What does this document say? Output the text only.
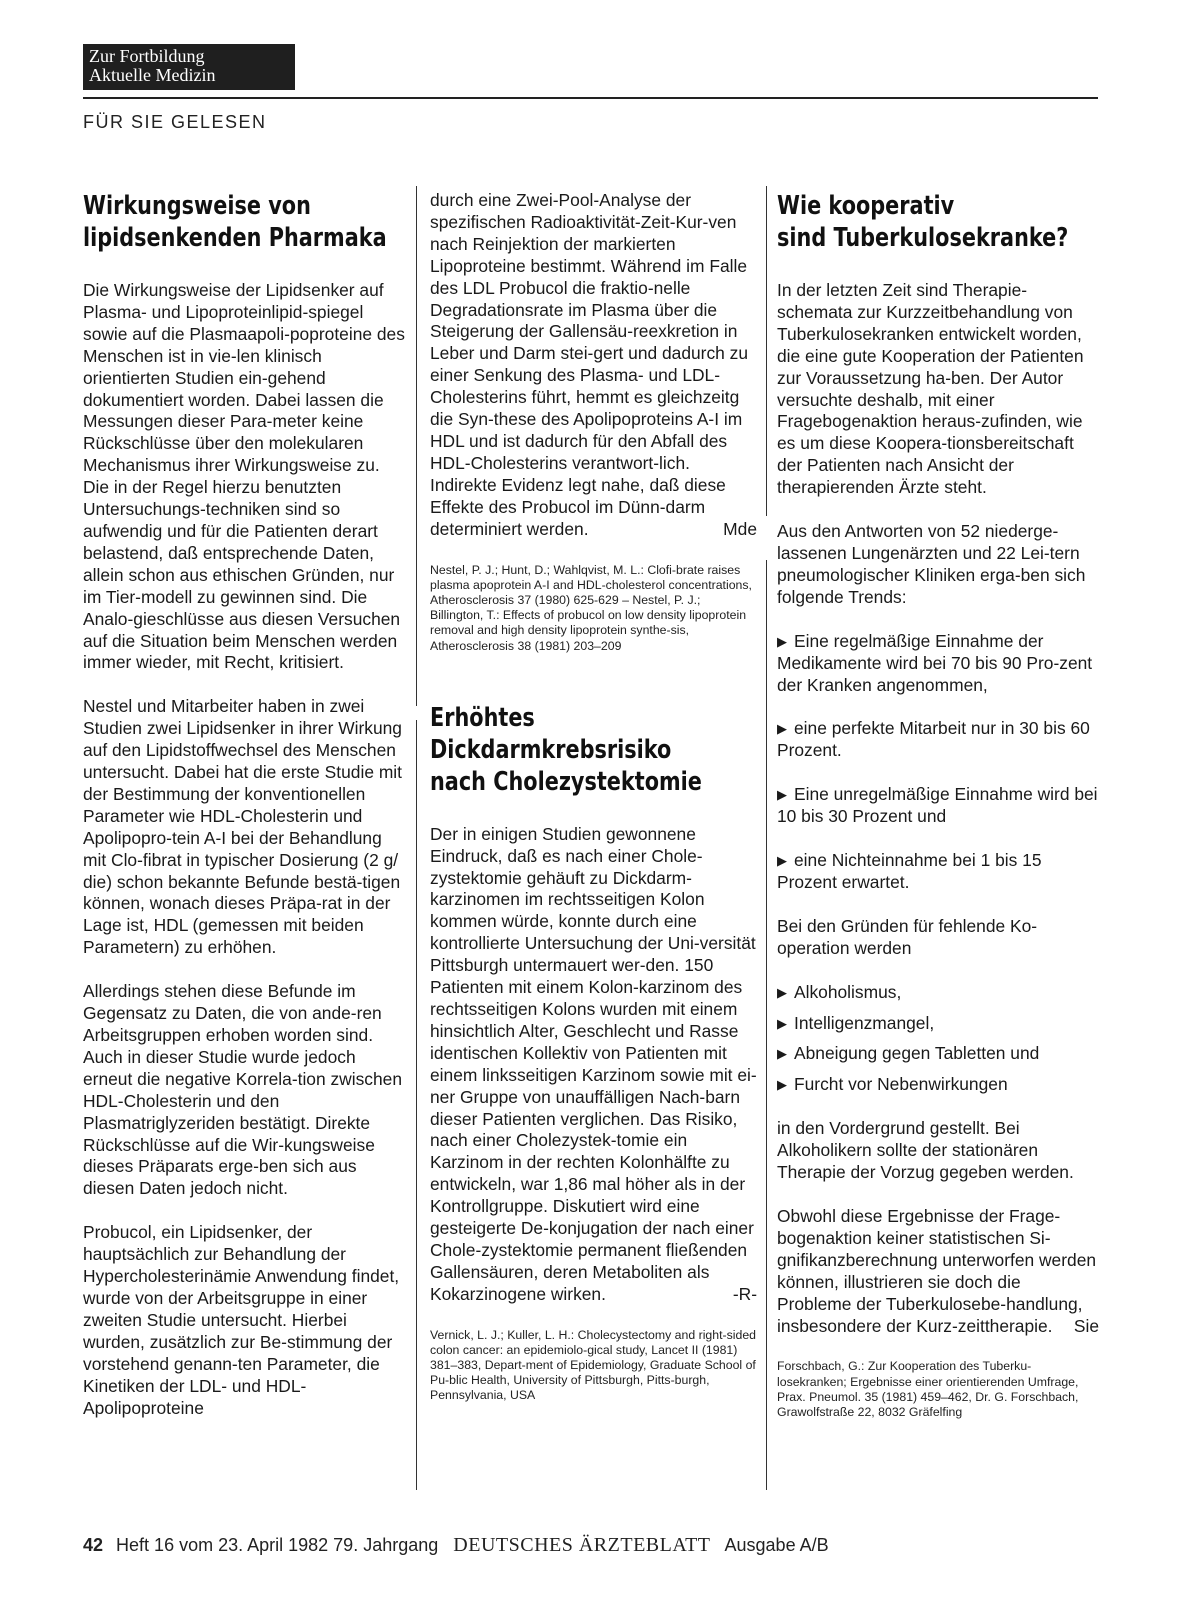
Zur Fortbildung
Aktuelle Medizin
FÜR SIE GELESEN
Wirkungsweise von
lipidsenkenden Pharmaka

Die Wirkungsweise der Lipidsenker auf Plasma- und Lipoproteinlipid-spiegel sowie auf die Plasmaapoli-poproteine des Menschen ist in vie-len klinisch orientierten Studien ein-gehend dokumentiert worden. Dabei lassen die Messungen dieser Para-meter keine Rückschlüsse über den molekularen Mechanismus ihrer Wirkungsweise zu. Die in der Regel hierzu benutzten Untersuchungs-techniken sind so aufwendig und für die Patienten derart belastend, daß entsprechende Daten, allein schon aus ethischen Gründen, nur im Tier-modell zu gewinnen sind. Die Analo-gieschlüsse aus diesen Versuchen auf die Situation beim Menschen werden immer wieder, mit Recht, kritisiert.

Nestel und Mitarbeiter haben in zwei Studien zwei Lipidsenker in ihrer Wirkung auf den Lipidstoffwechsel des Menschen untersucht. Dabei hat die erste Studie mit der Bestimmung der konventionellen Parameter wie HDL-Cholesterin und Apolipopro-tein A-I bei der Behandlung mit Clo-fibrat in typischer Dosierung (2 g/ die) schon bekannte Befunde bestä-tigen können, wonach dieses Präpa-rat in der Lage ist, HDL (gemessen mit beiden Parametern) zu erhöhen.

Allerdings stehen diese Befunde im Gegensatz zu Daten, die von ande-ren Arbeitsgruppen erhoben worden sind. Auch in dieser Studie wurde jedoch erneut die negative Korrela-tion zwischen HDL-Cholesterin und den Plasmatriglyzeriden bestätigt. Direkte Rückschlüsse auf die Wir-kungsweise dieses Präparats erge-ben sich aus diesen Daten jedoch nicht.

Probucol, ein Lipidsenker, der hauptsächlich zur Behandlung der Hypercholesterinämie Anwendung findet, wurde von der Arbeitsgruppe in einer zweiten Studie untersucht. Hierbei wurden, zusätzlich zur Be-stimmung der vorstehend genann-ten Parameter, die Kinetiken der LDL- und HDL-Apolipoproteine

durch eine Zwei-Pool-Analyse der spezifischen Radioaktivität-Zeit-Kur-ven nach Reinjektion der markierten Lipoproteine bestimmt. Während im Falle des LDL Probucol die fraktio-nelle Degradationsrate im Plasma über die Steigerung der Gallensäu-reexkretion in Leber und Darm stei-gert und dadurch zu einer Senkung des Plasma- und LDL-Cholesterins führt, hemmt es gleichzeitg die Syn-these des Apolipoproteins A-I im HDL und ist dadurch für den Abfall des HDL-Cholesterins verantwort-lich. Indirekte Evidenz legt nahe, daß diese Effekte des Probucol im Dünn-darm determiniert werden.	Mde

Nestel, P. J.; Hunt, D.; Wahlqvist, M. L.: Clofi-brate raises plasma apoprotein A-I and HDL-cholesterol concentrations, Atherosclerosis 37 (1980) 625-629 – Nestel, P. J.; Billington, T.: Effects of probucol on low density lipoprotein removal and high density lipoprotein synthe-sis, Atherosclerosis 38 (1981) 203–209

Erhöhtes
Dickdarmkrebsrisiko
nach Cholezystektomie

Der in einigen Studien gewonnene Eindruck, daß es nach einer Chole-zystektomie gehäuft zu Dickdarm-karzinomen im rechtsseitigen Kolon kommen würde, konnte durch eine kontrollierte Untersuchung der Uni-versität Pittsburgh untermauert wer-den. 150 Patienten mit einem Kolon-karzinom des rechtsseitigen Kolons wurden mit einem hinsichtlich Alter, Geschlecht und Rasse identischen Kollektiv von Patienten mit einem linksseitigen Karzinom sowie mit ei-ner Gruppe von unauffälligen Nach-barn dieser Patienten verglichen. Das Risiko, nach einer Cholezystek-tomie ein Karzinom in der rechten Kolonhälfte zu entwickeln, war 1,86 mal höher als in der Kontrollgruppe. Diskutiert wird eine gesteigerte De-konjugation der nach einer Chole-zystektomie permanent fließenden Gallensäuren, deren Metaboliten als Kokarzinogene wirken.	-R-

Vernick, L. J.; Kuller, L. H.: Cholecystectomy and right-sided colon cancer: an epidemiolo-gical study, Lancet II (1981) 381–383, Depart-ment of Epidemiology, Graduate School of Pu-blic Health, University of Pittsburgh, Pitts-burgh, Pennsylvania, USA

Wie kooperativ
sind Tuberkulosekranke?

In der letzten Zeit sind Therapie-schemata zur Kurzzeitbehandlung von Tuberkulosekranken entwickelt worden, die eine gute Kooperation der Patienten zur Voraussetzung ha-ben. Der Autor versuchte deshalb, mit einer Fragebogenaktion heraus-zufinden, wie es um diese Koopera-tionsbereitschaft der Patienten nach Ansicht der therapierenden Ärzte steht.

Aus den Antworten von 52 niederge-lassenen Lungenärzten und 22 Lei-tern pneumologischer Kliniken erga-ben sich folgende Trends:

▶ Eine regelmäßige Einnahme der Medikamente wird bei 70 bis 90 Pro-zent der Kranken angenommen,

▶ eine perfekte Mitarbeit nur in 30 bis 60 Prozent.

▶ Eine unregelmäßige Einnahme wird bei 10 bis 30 Prozent und

▶ eine Nichteinnahme bei 1 bis 15 Prozent erwartet.

Bei den Gründen für fehlende Ko-operation werden

▶ Alkoholismus,

▶ Intelligenzmangel,

▶ Abneigung gegen Tabletten und

▶ Furcht vor Nebenwirkungen

in den Vordergrund gestellt. Bei Alkoholikern sollte der stationären Therapie der Vorzug gegeben werden.

Obwohl diese Ergebnisse der Frage-bogenaktion keiner statistischen Si-gnifikanzberechnung unterworfen werden können, illustrieren sie doch die Probleme der Tuberkulosebe-handlung, insbesondere der Kurz-zeittherapie. Sie

Forschbach, G.: Zur Kooperation des Tuberku-losekranken; Ergebnisse einer orientierenden Umfrage, Prax. Pneumol. 35 (1981) 459–462, Dr. G. Forschbach, Grawolfstraße 22, 8032 Gräfelfing

42 Heft 16 vom 23. April 1982 79. Jahrgang DEUTSCHES ÄRZTEBLATT Ausgabe A/B
